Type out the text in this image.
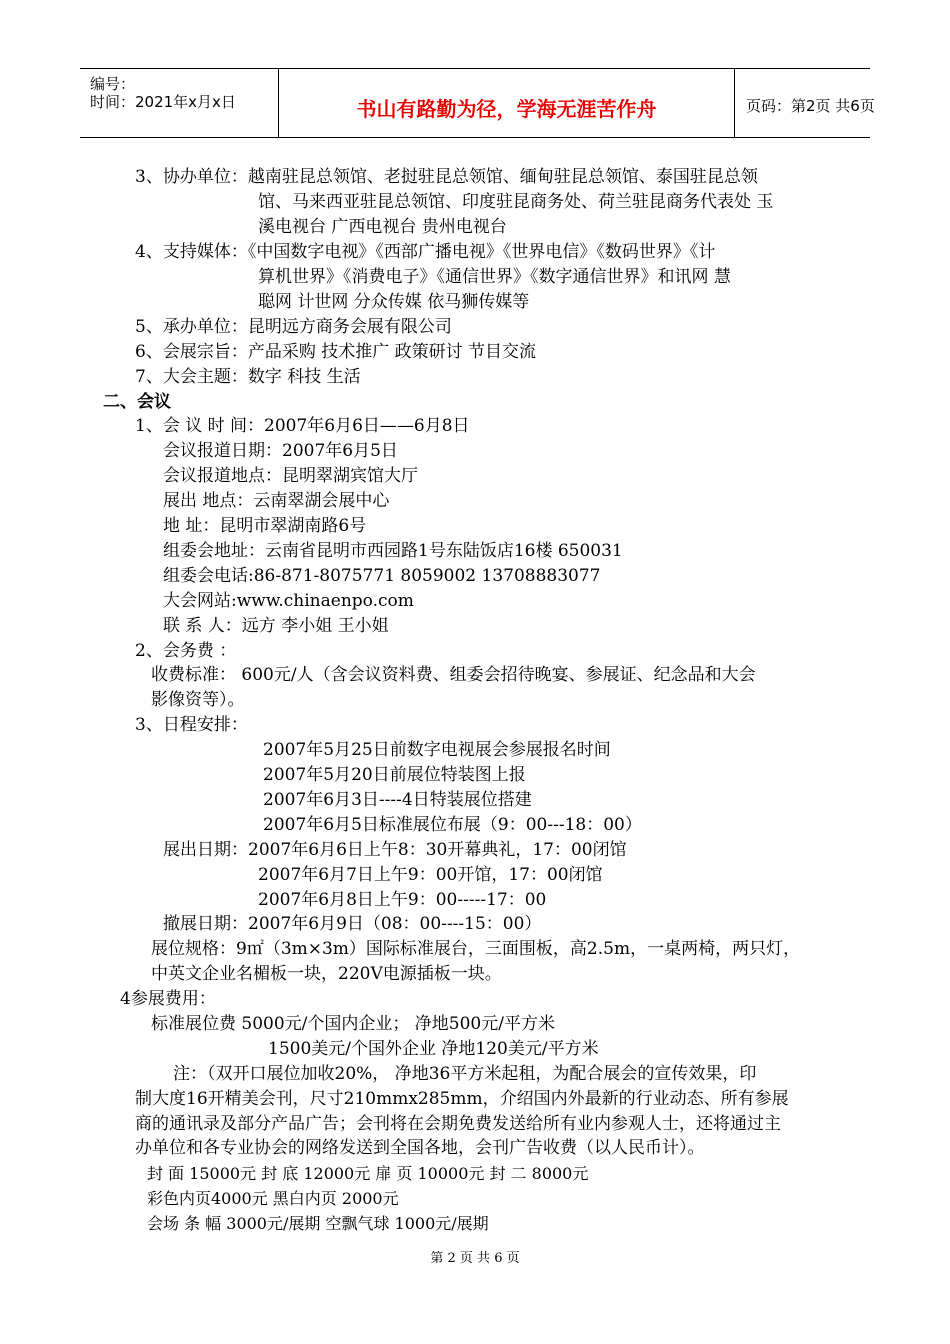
编号：
时间：2021年x月x日	书山有路勤为径，学海无涯苦作舟	页码：第2页 共6页
3、协办单位：越南驻昆总领馆、老挝驻昆总领馆、缅甸驻昆总领馆、泰国驻昆总领
馆、马来西亚驻昆总领馆、印度驻昆商务处、荷兰驻昆商务代表处 玉
溪电视台 广西电视台 贵州电视台
4、支持媒体：《中国数字电视》《西部广播电视》《世界电信》《数码世界》《计
算机世界》《消费电子》《通信世界》《数字通信世界》和讯网 慧
聪网 计世网 分众传媒 依马狮传媒等
5、承办单位：昆明远方商务会展有限公司
6、会展宗旨：产品采购 技术推广 政策研讨 节目交流
7、大会主题：数字 科技 生活
二、会议
1、会 议 时 间：2007年6月6日——6月8日
会议报道日期：2007年6月5日
会议报道地点：昆明翠湖宾馆大厅
展出 地点：云南翠湖会展中心
地 址：昆明市翠湖南路6号
组委会地址：云南省昆明市西园路1号东陆饭店16楼 650031
组委会电话:86-871-8075771 8059002 13708883077
大会网站:www.chinaenpo.com
联 系 人：远方 李小姐 王小姐
2、会务费 ：
收费标准： 600元/人（含会议资料费、组委会招待晚宴、参展证、纪念品和大会
影像资等）。
3、日程安排：
2007年5月25日前数字电视展会参展报名时间
2007年5月20日前展位特装图上报
2007年6月3日----4日特装展位搭建
2007年6月5日标准展位布展（9：00---18：00）
展出日期：2007年6月6日上午8：30开幕典礼，17：00闭馆
2007年6月7日上午9：00开馆，17：00闭馆
2007年6月8日上午9：00-----17：00
撤展日期：2007年6月9日（08：00----15：00）
展位规格：9㎡（3m×3m）国际标准展台，三面围板，高2.5m，一桌两椅，两只灯，
中英文企业名楣板一块，220V电源插板一块。
4参展费用：
标准展位费 5000元/个国内企业； 净地500元/平方米
1500美元/个国外企业 净地120美元/平方米
注：（双开口展位加收20%， 净地36平方米起租，为配合展会的宣传效果，印
制大度16开精美会刊，尺寸210mmx285mm，介绍国内外最新的行业动态、所有参展
商的通讯录及部分产品广告；会刊将在会期免费发送给所有业内参观人士，还将通过主
办单位和各专业协会的网络发送到全国各地，会刊广告收费（以人民币计）。
封 面 15000元 封 底 12000元 扉 页 10000元 封 二 8000元
彩色内页4000元 黑白内页 2000元
会场 条 幅 3000元/展期 空飘气球 1000元/展期
第 2 页 共 6 页
